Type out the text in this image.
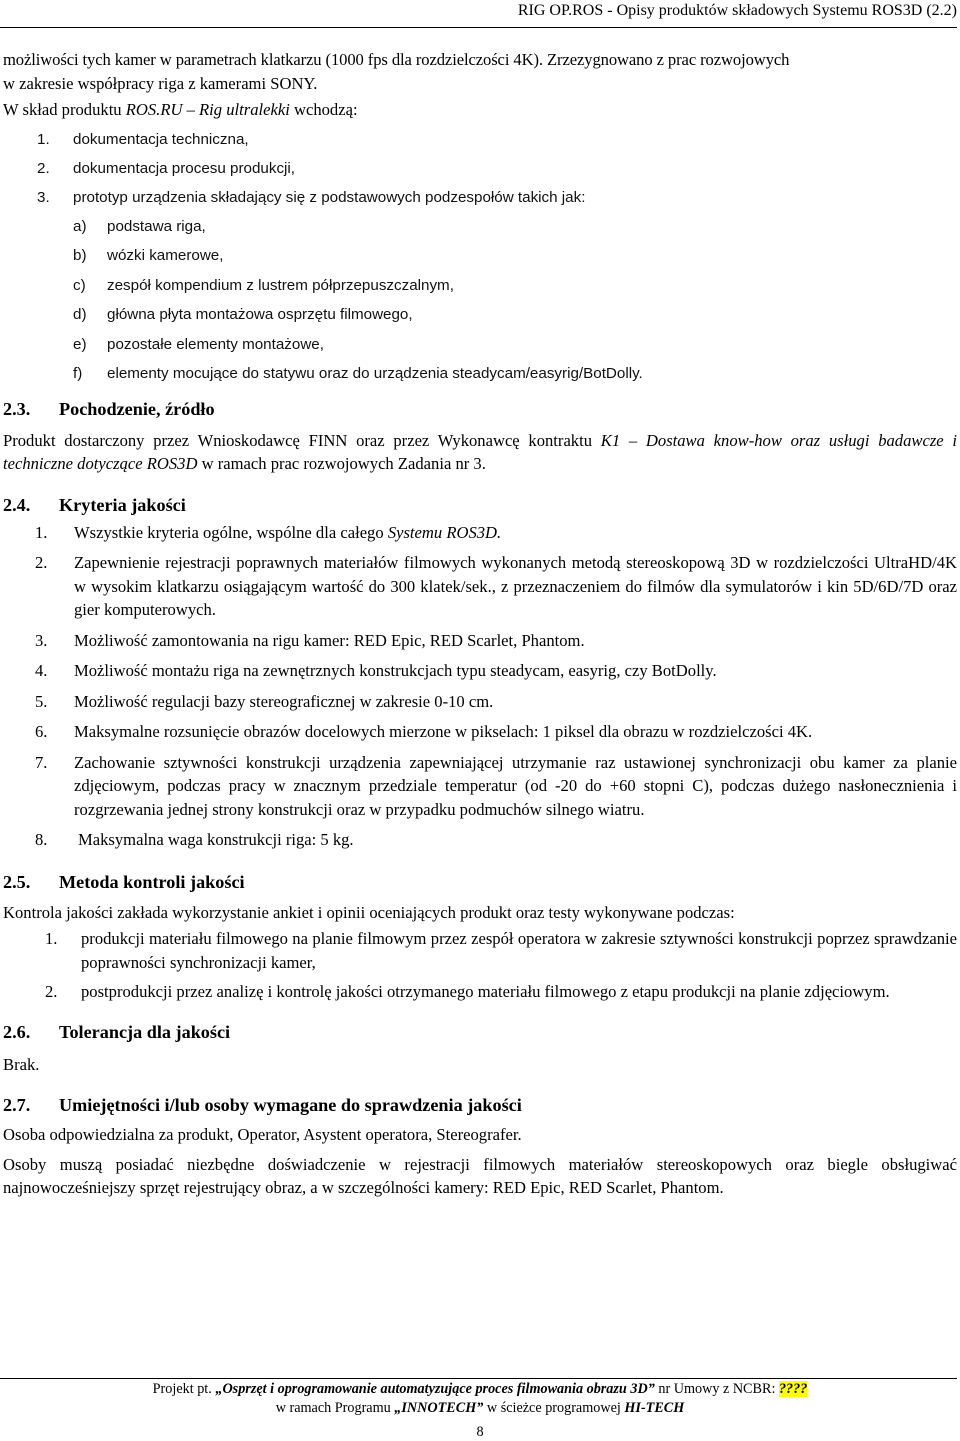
RIG OP.ROS - Opisy produktów składowych Systemu ROS3D (2.2)

możliwości tych kamer w parametrach klatkarzu (1000 fps dla rozdzielczości 4K). Zrzezygnowano z prac rozwojowych

w zakresie współpracy riga z kamerami SONY.

W skład produktu ROS.RU – Rig ultralekki wchodzą:

1.	dokumentacja techniczna,
2.	dokumentacja procesu produkcji,
3.	prototyp urządzenia składający się z podstawowych podzespołów takich jak:
a)	podstawa riga,
b)	wózki kamerowe,
c)	zespół kompendium z lustrem półprzepuszczalnym,
d)	główna płyta montażowa osprzętu filmowego,
e)	pozostałe elementy montażowe,
f)	elementy mocujące do statywu oraz do urządzenia steadycam/easyrig/BotDolly.
2.3.	Pochodzenie, źródło

Produkt dostarczony przez Wnioskodawcę FINN oraz przez Wykonawcę kontraktu K1 – Dostawa know-how oraz usługi badawcze i techniczne dotyczące ROS3D w ramach prac rozwojowych Zadania nr 3.

2.4.	Kryteria jakości
1.	Wszystkie kryteria ogólne, wspólne dla całego Systemu ROS3D.
2.	Zapewnienie rejestracji poprawnych materiałów filmowych wykonanych metodą stereoskopową 3D w rozdzielczości UltraHD/4K w wysokim klatkarzu osiągającym wartość do 300 klatek/sek., z przeznaczeniem do filmów dla symulatorów i kin 5D/6D/7D oraz gier komputerowych.
3.	Możliwość zamontowania na rigu kamer: RED Epic, RED Scarlet, Phantom.
4.	Możliwość montażu riga na zewnętrznych konstrukcjach typu steadycam, easyrig, czy BotDolly.
5.	Możliwość regulacji bazy stereograficznej w zakresie 0-10 cm.
6.	Maksymalne rozsunięcie obrazów docelowych mierzone w pikselach: 1 piksel dla obrazu w rozdzielczości 4K.
7.	Zachowanie sztywności konstrukcji urządzenia zapewniającej utrzymanie raz ustawionej synchronizacji obu kamer za planie zdjęciowym, podczas pracy w znacznym przedziale temperatur (od -20 do +60 stopni C), podczas dużego nasłonecznienia i rozgrzewania jednej strony konstrukcji oraz w przypadku podmuchów silnego wiatru.
8.	Maksymalna waga konstrukcji riga: 5 kg.
2.5.	Metoda kontroli jakości

Kontrola jakości zakłada wykorzystanie ankiet i opinii oceniających produkt oraz testy wykonywane podczas:

1.	produkcji materiału filmowego na planie filmowym przez zespół operatora w zakresie sztywności konstrukcji poprzez sprawdzanie poprawności synchronizacji kamer,
2.	postprodukcji przez analizę i kontrolę jakości otrzymanego materiału filmowego z etapu produkcji na planie zdjęciowym.
2.6.	Tolerancja dla jakości

Brak.

2.7.	Umiejętności i/lub osoby wymagane do sprawdzenia jakości

Osoba odpowiedzialna za produkt, Operator, Asystent operatora, Stereografer.

Osoby muszą posiadać niezbędne doświadczenie w rejestracji filmowych materiałów stereoskopowych oraz biegle obsługiwać najnowocześniejszy sprzęt rejestrujący obraz, a w szczególności kamery: RED Epic, RED Scarlet, Phantom.

Projekt pt. „Osprzęt i oprogramowanie automatyzujące proces filmowania obrazu 3D” nr Umowy z NCBR: ????
w ramach Programu „INNOTECH” w ścieżce programowej HI-TECH
8
